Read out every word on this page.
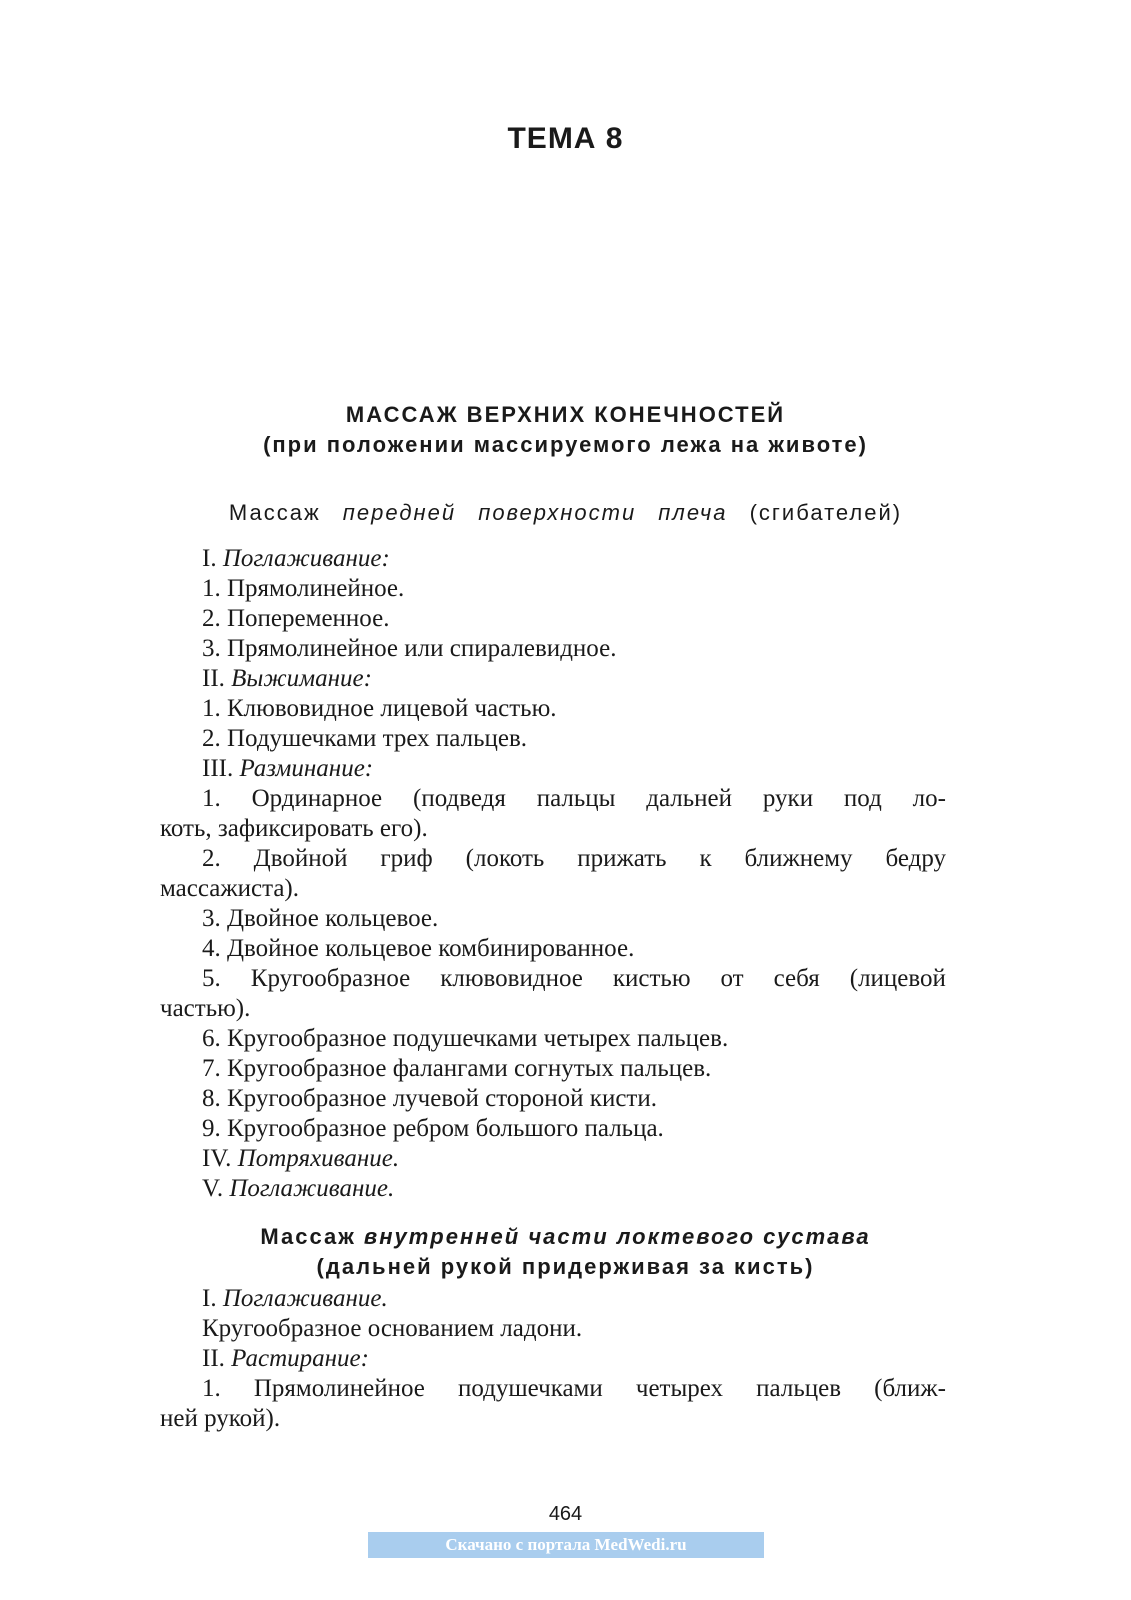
ТЕМА 8
МАССАЖ ВЕРХНИХ КОНЕЧНОСТЕЙ
(при положении массируемого лежа на животе)
Массаж передней поверхности плеча (сгибателей)
I. Поглаживание:
1. Прямолинейное.
2. Попеременное.
3. Прямолинейное или спиралевидное.
II. Выжимание:
1. Клювовидное лицевой частью.
2. Подушечками трех пальцев.
III. Разминание:
1. Ординарное (подведя пальцы дальней руки под ло-
коть, зафиксировать его).
2. Двойной гриф (локоть прижать к ближнему бедру
массажиста).
3. Двойное кольцевое.
4. Двойное кольцевое комбинированное.
5. Кругообразное клювовидное кистью от себя (лицевой
частью).
6. Кругообразное подушечками четырех пальцев.
7. Кругообразное фалангами согнутых пальцев.
8. Кругообразное лучевой стороной кисти.
9. Кругообразное ребром большого пальца.
IV. Потряхивание.
V. Поглаживание.
Массаж внутренней части локтевого сустава
(дальней рукой придерживая за кисть)
I. Поглаживание.
Кругообразное основанием ладони.
II. Растирание:
1. Прямолинейное подушечками четырех пальцев (ближ-
ней рукой).
464
Скачано с портала MedWedi.ru
